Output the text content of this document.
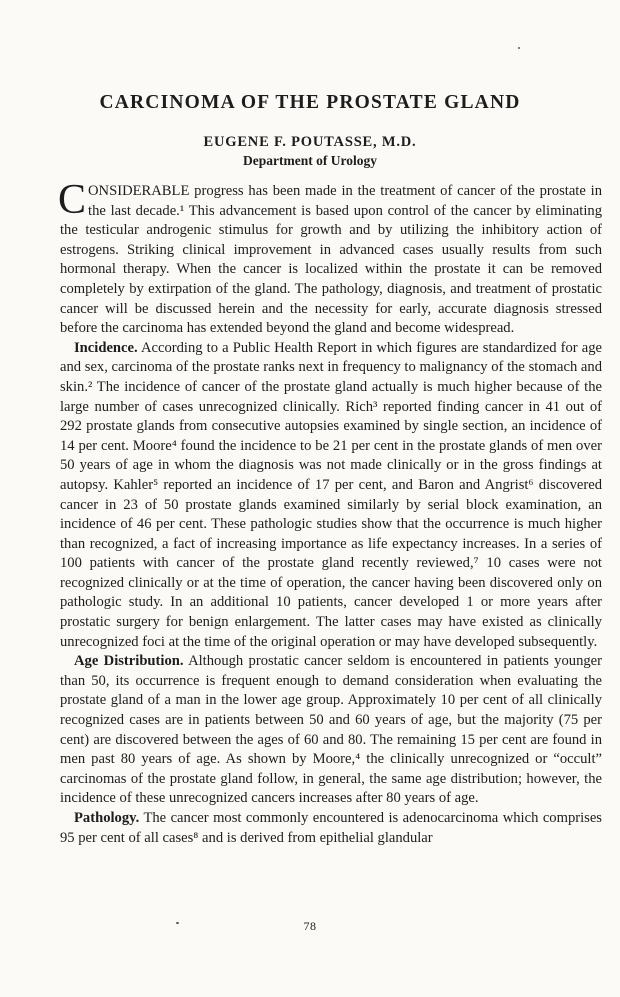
CARCINOMA OF THE PROSTATE GLAND
EUGENE F. POUTASSE, M.D.
Department of Urology

CONSIDERABLE progress has been made in the treatment of cancer of the prostate in the last decade.¹ This advancement is based upon control of the cancer by eliminating the testicular androgenic stimulus for growth and by utilizing the inhibitory action of estrogens. Striking clinical improvement in advanced cases usually results from such hormonal therapy. When the cancer is localized within the prostate it can be removed completely by extirpation of the gland. The pathology, diagnosis, and treatment of prostatic cancer will be discussed herein and the necessity for early, accurate diagnosis stressed before the carcinoma has extended beyond the gland and become widespread.

Incidence. According to a Public Health Report in which figures are standardized for age and sex, carcinoma of the prostate ranks next in frequency to malignancy of the stomach and skin.² The incidence of cancer of the prostate gland actually is much higher because of the large number of cases unrecognized clinically. Rich³ reported finding cancer in 41 out of 292 prostate glands from consecutive autopsies examined by single section, an incidence of 14 per cent. Moore⁴ found the incidence to be 21 per cent in the prostate glands of men over 50 years of age in whom the diagnosis was not made clinically or in the gross findings at autopsy. Kahler⁵ reported an incidence of 17 per cent, and Baron and Angrist⁶ discovered cancer in 23 of 50 prostate glands examined similarly by serial block examination, an incidence of 46 per cent. These pathologic studies show that the occurrence is much higher than recognized, a fact of increasing importance as life expectancy increases. In a series of 100 patients with cancer of the prostate gland recently reviewed,⁷ 10 cases were not recognized clinically or at the time of operation, the cancer having been discovered only on pathologic study. In an additional 10 patients, cancer developed 1 or more years after prostatic surgery for benign enlargement. The latter cases may have existed as clinically unrecognized foci at the time of the original operation or may have developed subsequently.

Age Distribution. Although prostatic cancer seldom is encountered in patients younger than 50, its occurrence is frequent enough to demand consideration when evaluating the prostate gland of a man in the lower age group. Approximately 10 per cent of all clinically recognized cases are in patients between 50 and 60 years of age, but the majority (75 per cent) are discovered between the ages of 60 and 80. The remaining 15 per cent are found in men past 80 years of age. As shown by Moore,⁴ the clinically unrecognized or “occult” carcinomas of the prostate gland follow, in general, the same age distribution; however, the incidence of these unrecognized cancers increases after 80 years of age.

Pathology. The cancer most commonly encountered is adenocarcinoma which comprises 95 per cent of all cases⁸ and is derived from epithelial glandular

78
